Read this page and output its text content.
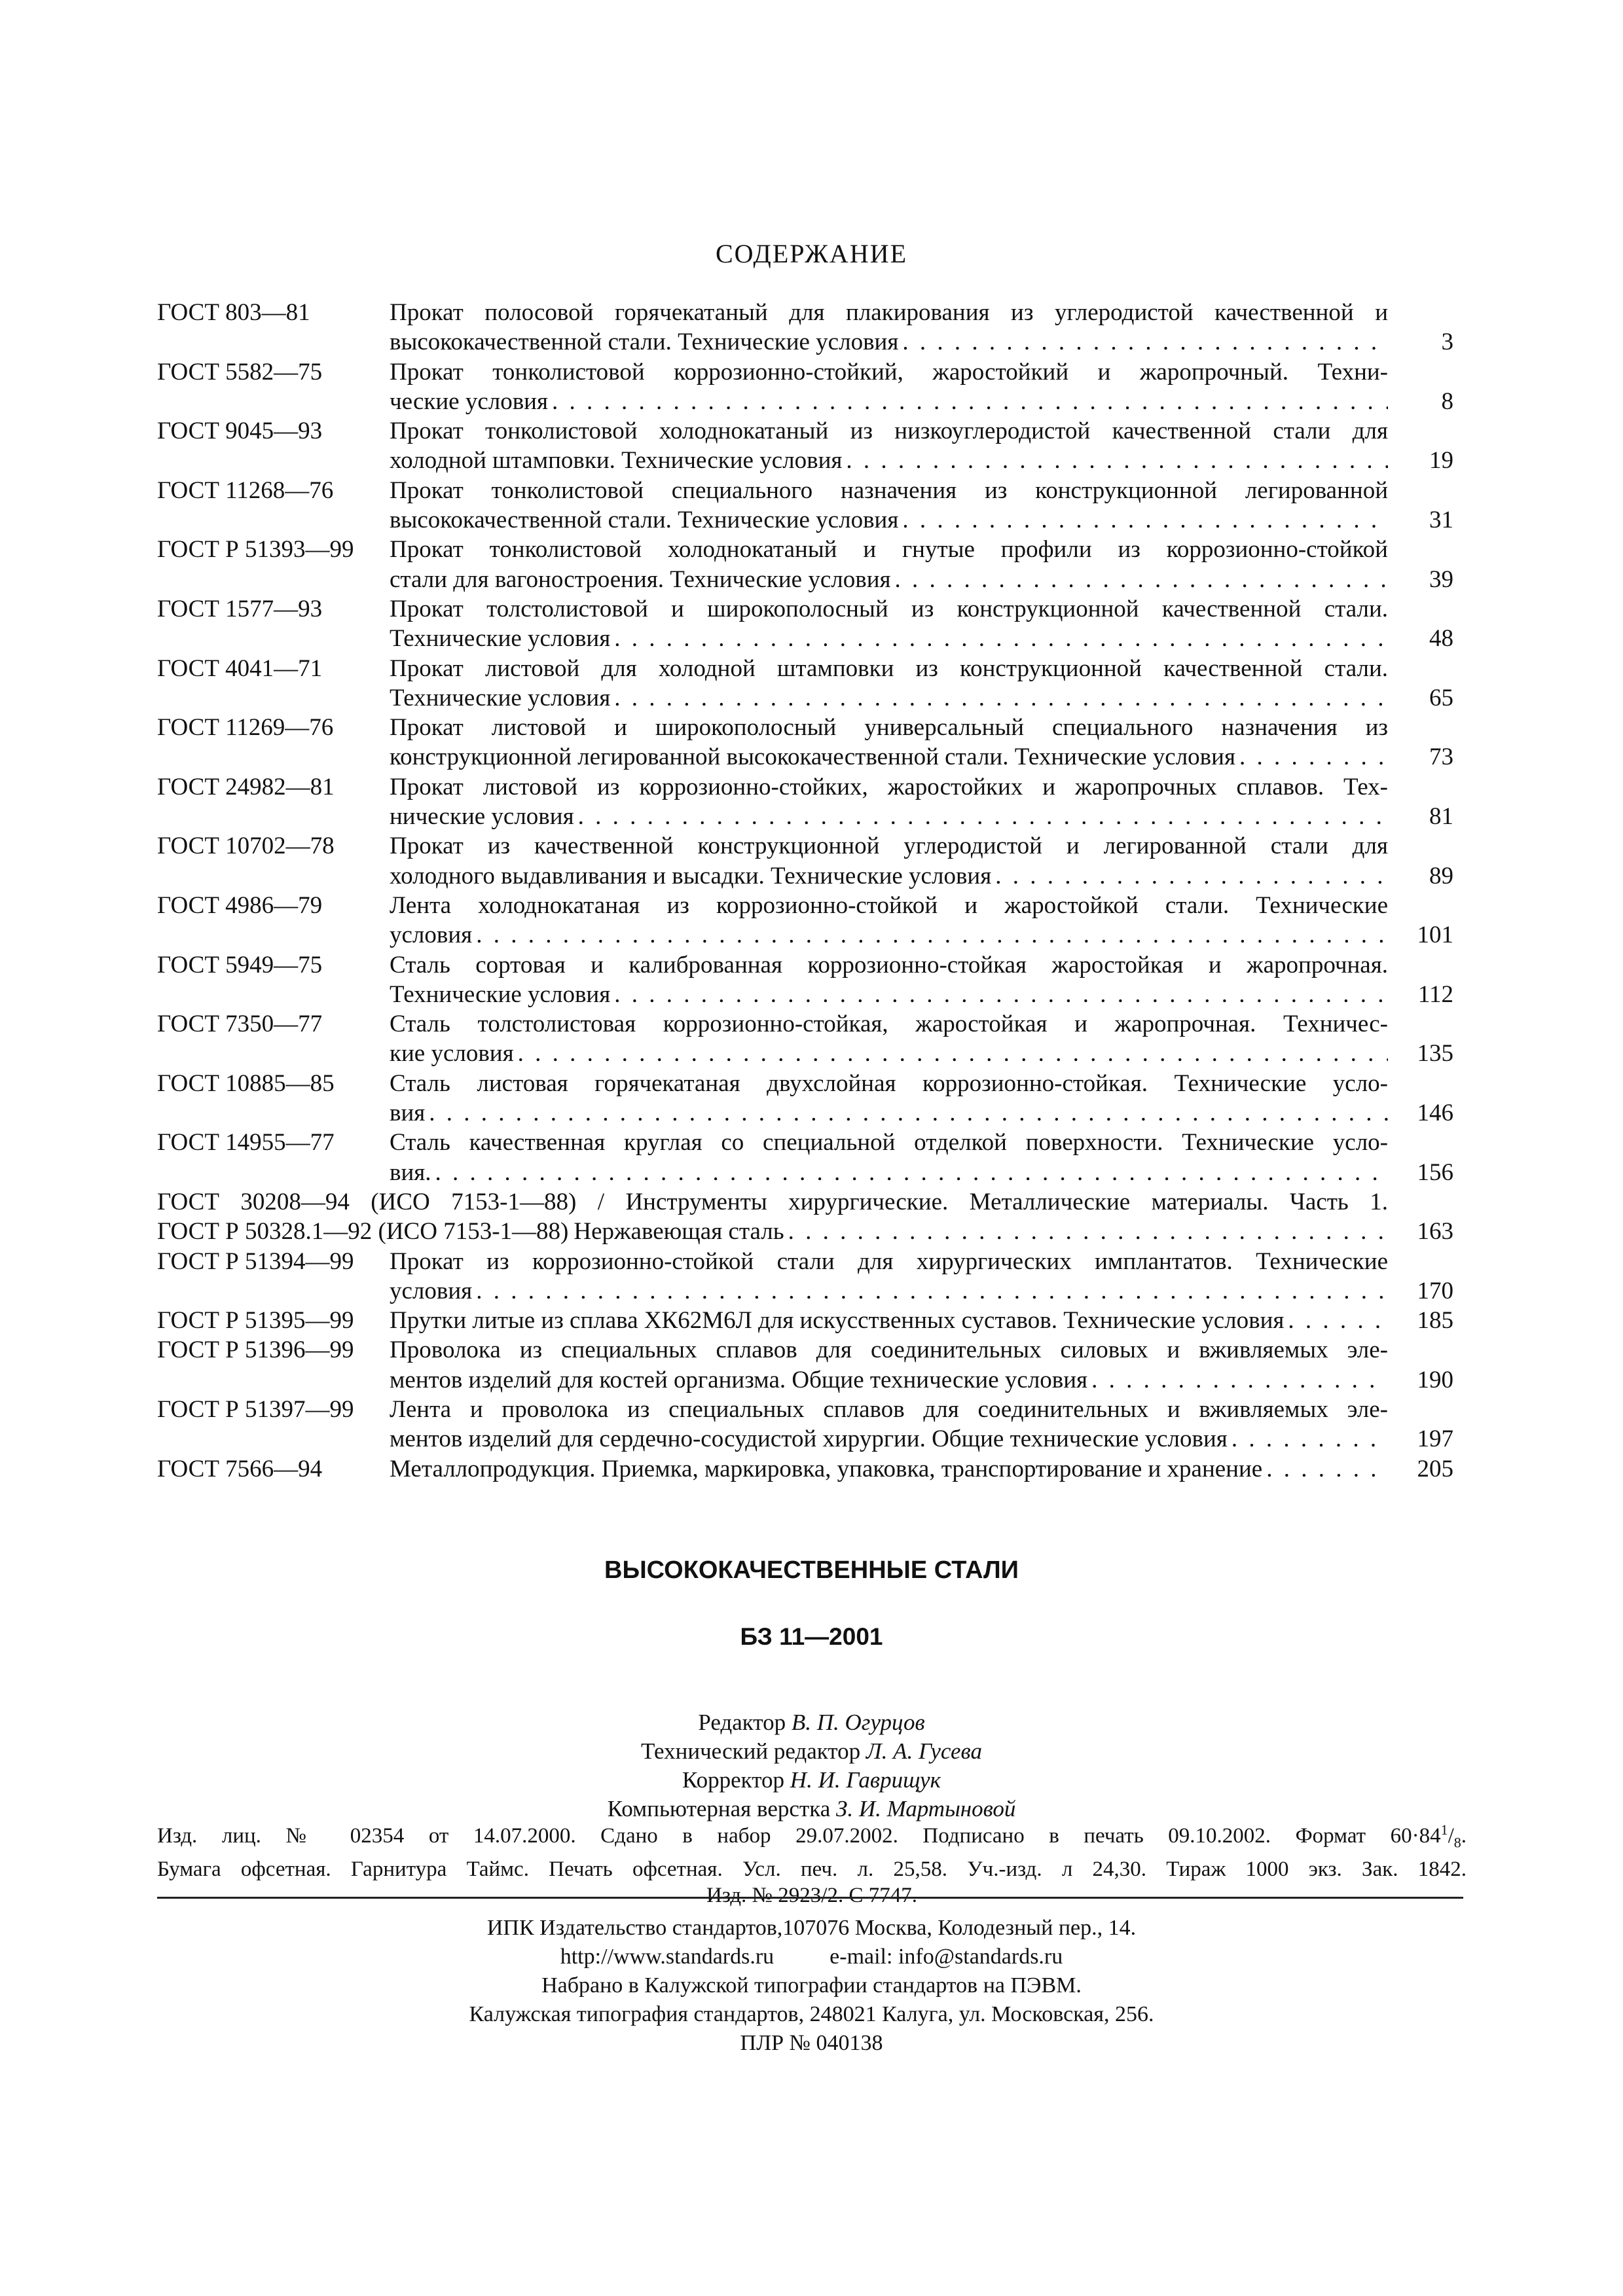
СОДЕРЖАНИЕ
ГОСТ 803—81	Прокат полосовой горячекатаный для плакирования из углеродистой качественной и
высококачественной стали. Технические условия . . .	3
ГОСТ 5582—75	Прокат тонколистовой коррозионно-стойкий, жаростойкий и жаропрочный. Техни-
ческие условия . . .	8
ГОСТ 9045—93	Прокат тонколистовой холоднокатаный из низкоуглеродистой качественной стали для
холодной штамповки. Технические условия . . .	19
ГОСТ 11268—76	Прокат тонколистовой специального назначения из конструкционной легированной
высококачественной стали. Технические условия . . .	31
ГОСТ Р 51393—99	Прокат тонколистовой холоднокатаный и гнутые профили из коррозионно-стойкой
стали для вагоностроения. Технические условия . . .	39
ГОСТ 1577—93	Прокат толстолистовой и широкополосный из конструкционной качественной стали.
Технические условия . . .	48
ГОСТ 4041—71	Прокат листовой для холодной штамповки из конструкционной качественной стали.
Технические условия . . .	65
ГОСТ 11269—76	Прокат листовой и широкополосный универсальный специального назначения из
конструкционной легированной высококачественной стали. Технические условия . . .	73
ГОСТ 24982—81	Прокат листовой из коррозионно-стойких, жаростойких и жаропрочных сплавов. Тех-
нические условия . . .	81
ГОСТ 10702—78	Прокат из качественной конструкционной углеродистой и легированной стали для
холодного выдавливания и высадки. Технические условия . . .	89
ГОСТ 4986—79	Лента холоднокатаная из коррозионно-стойкой и жаростойкой стали. Технические
условия . . .	101
ГОСТ 5949—75	Сталь сортовая и калиброванная коррозионно-стойкая жаростойкая и жаропрочная.
Технические условия . . .	112
ГОСТ 7350—77	Сталь толстолистовая коррозионно-стойкая, жаростойкая и жаропрочная. Техничес-
кие условия . . .	135
ГОСТ 10885—85	Сталь листовая горячекатаная двухслойная коррозионно-стойкая. Технические усло-
вия . . .	146
ГОСТ 14955—77	Сталь качественная круглая со специальной отделкой поверхности. Технические усло-
вия. . . .	156
ГОСТ 30208—94 (ИСО 7153-1—88) / Инструменты хирургические. Металлические материалы. Часть 1.
ГОСТ Р 50328.1—92 (ИСО 7153-1—88) Нержавеющая сталь . . .	163
ГОСТ Р 51394—99	Прокат из коррозионно-стойкой стали для хирургических имплантатов. Технические
условия . . .	170
ГОСТ Р 51395—99	Прутки литые из сплава ХК62М6Л для искусственных суставов. Технические условия . . .	185
ГОСТ Р 51396—99	Проволока из специальных сплавов для соединительных силовых и вживляемых эле-
ментов изделий для костей организма. Общие технические условия . . .	190
ГОСТ Р 51397—99	Лента и проволока из специальных сплавов для соединительных и вживляемых эле-
ментов изделий для сердечно-сосудистой хирургии. Общие технические условия . . .	197
ГОСТ 7566—94	Металлопродукция. Приемка, маркировка, упаковка, транспортирование и хранение . . .	205
ВЫСОКОКАЧЕСТВЕННЫЕ СТАЛИ
БЗ 11—2001
Редактор В. П. Огурцов
Технический редактор Л. А. Гусева
Корректор Н. И. Гаврищук
Компьютерная верстка З. И. Мартыновой
Изд. лиц. № 02354 от 14.07.2000. Сдано в набор 29.07.2002. Подписано в печать 09.10.2002. Формат $60\cdot 84^1/_8$.
Бумага офсетная. Гарнитура Таймс. Печать офсетная. Усл. печ. л. 25,58. Уч.-изд. л 24,30. Тираж 1000 экз. Зак. 1842.
Изд. № 2923/2. С 7747.
ИПК Издательство стандартов,107076 Москва, Колодезный пер., 14.
http://www.standards.ru          e-mail: info@standards.ru
Набрано в Калужской типографии стандартов на ПЭВМ.
Калужская типография стандартов, 248021 Калуга, ул. Московская, 256.
ПЛР № 040138
